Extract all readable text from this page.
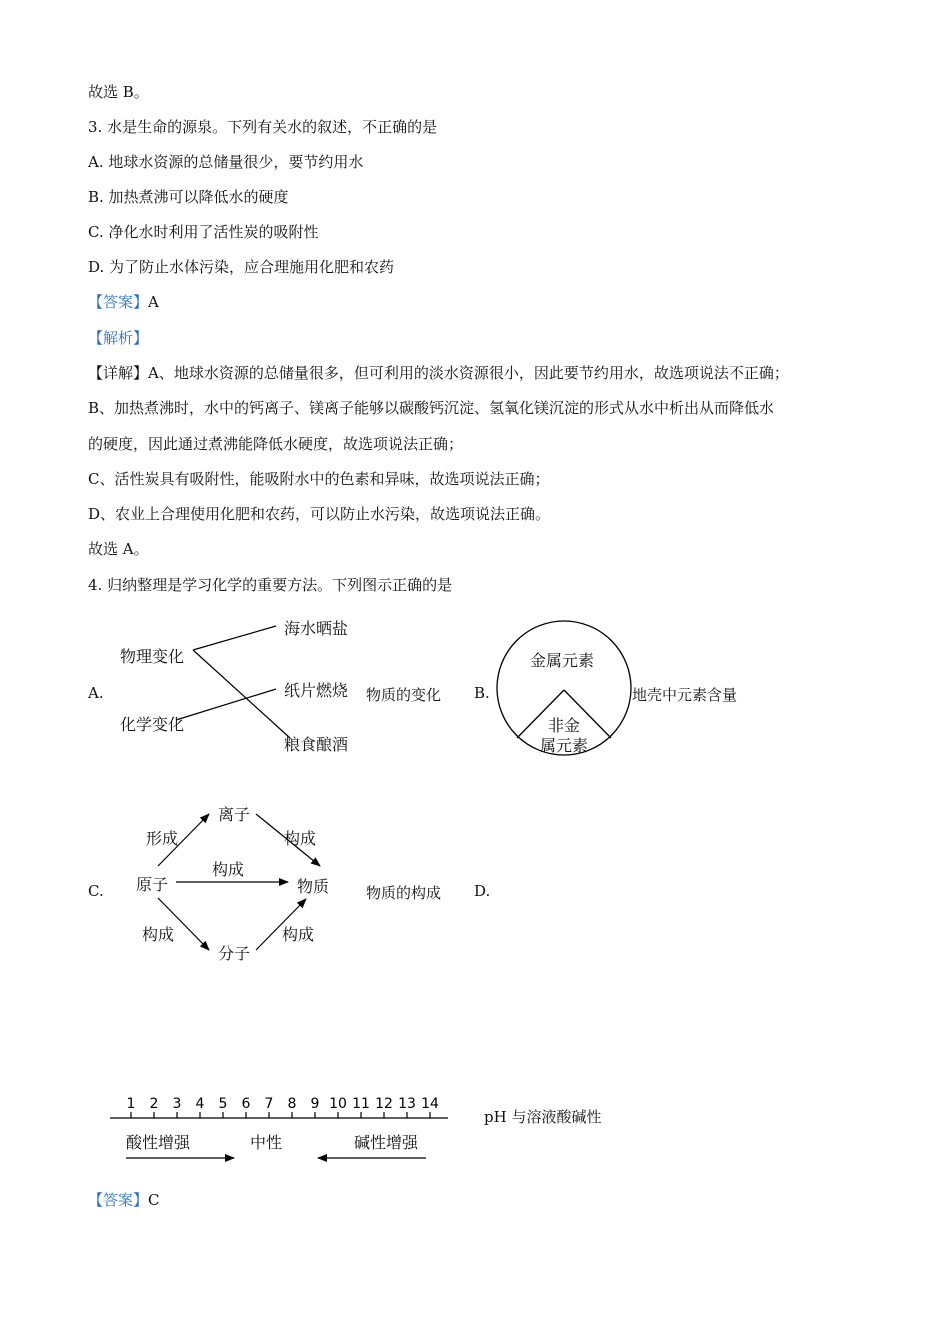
故选 B。
3. 水是生命的源泉。下列有关水的叙述，不正确的是
A. 地球水资源的总储量很少，要节约用水
B. 加热煮沸可以降低水的硬度
C. 净化水时利用了活性炭的吸附性
D. 为了防止水体污染，应合理施用化肥和农药
【答案】A
【解析】
【详解】A、地球水资源的总储量很多，但可利用的淡水资源很小，因此要节约用水，故选项说法不正确；
B、加热煮沸时，水中的钙离子、镁离子能够以碳酸钙沉淀、氢氧化镁沉淀的形式从水中析出从而降低水
的硬度，因此通过煮沸能降低水硬度，故选项说法正确；
C、活性炭具有吸附性，能吸附水中的色素和异味，故选项说法正确；
D、农业上合理使用化肥和农药，可以防止水污染，故选项说法正确。
故选 A。
4. 归纳整理是学习化学的重要方法。下列图示正确的是
A.
物理变化
化学变化
海水晒盐
纸片燃烧
粮食酿酒
物质的变化 B.
金属元素
非金
属元素
地壳中元素含量
C.
离子
原子
分子
物质
形成	构成
构成
构成	构成
物质的构成 D.
1 2 3 4 5 6 7 8 9 10 11 12 13 14
酸性增强	中性	碱性增强
pH 与溶液酸碱性
【答案】C
